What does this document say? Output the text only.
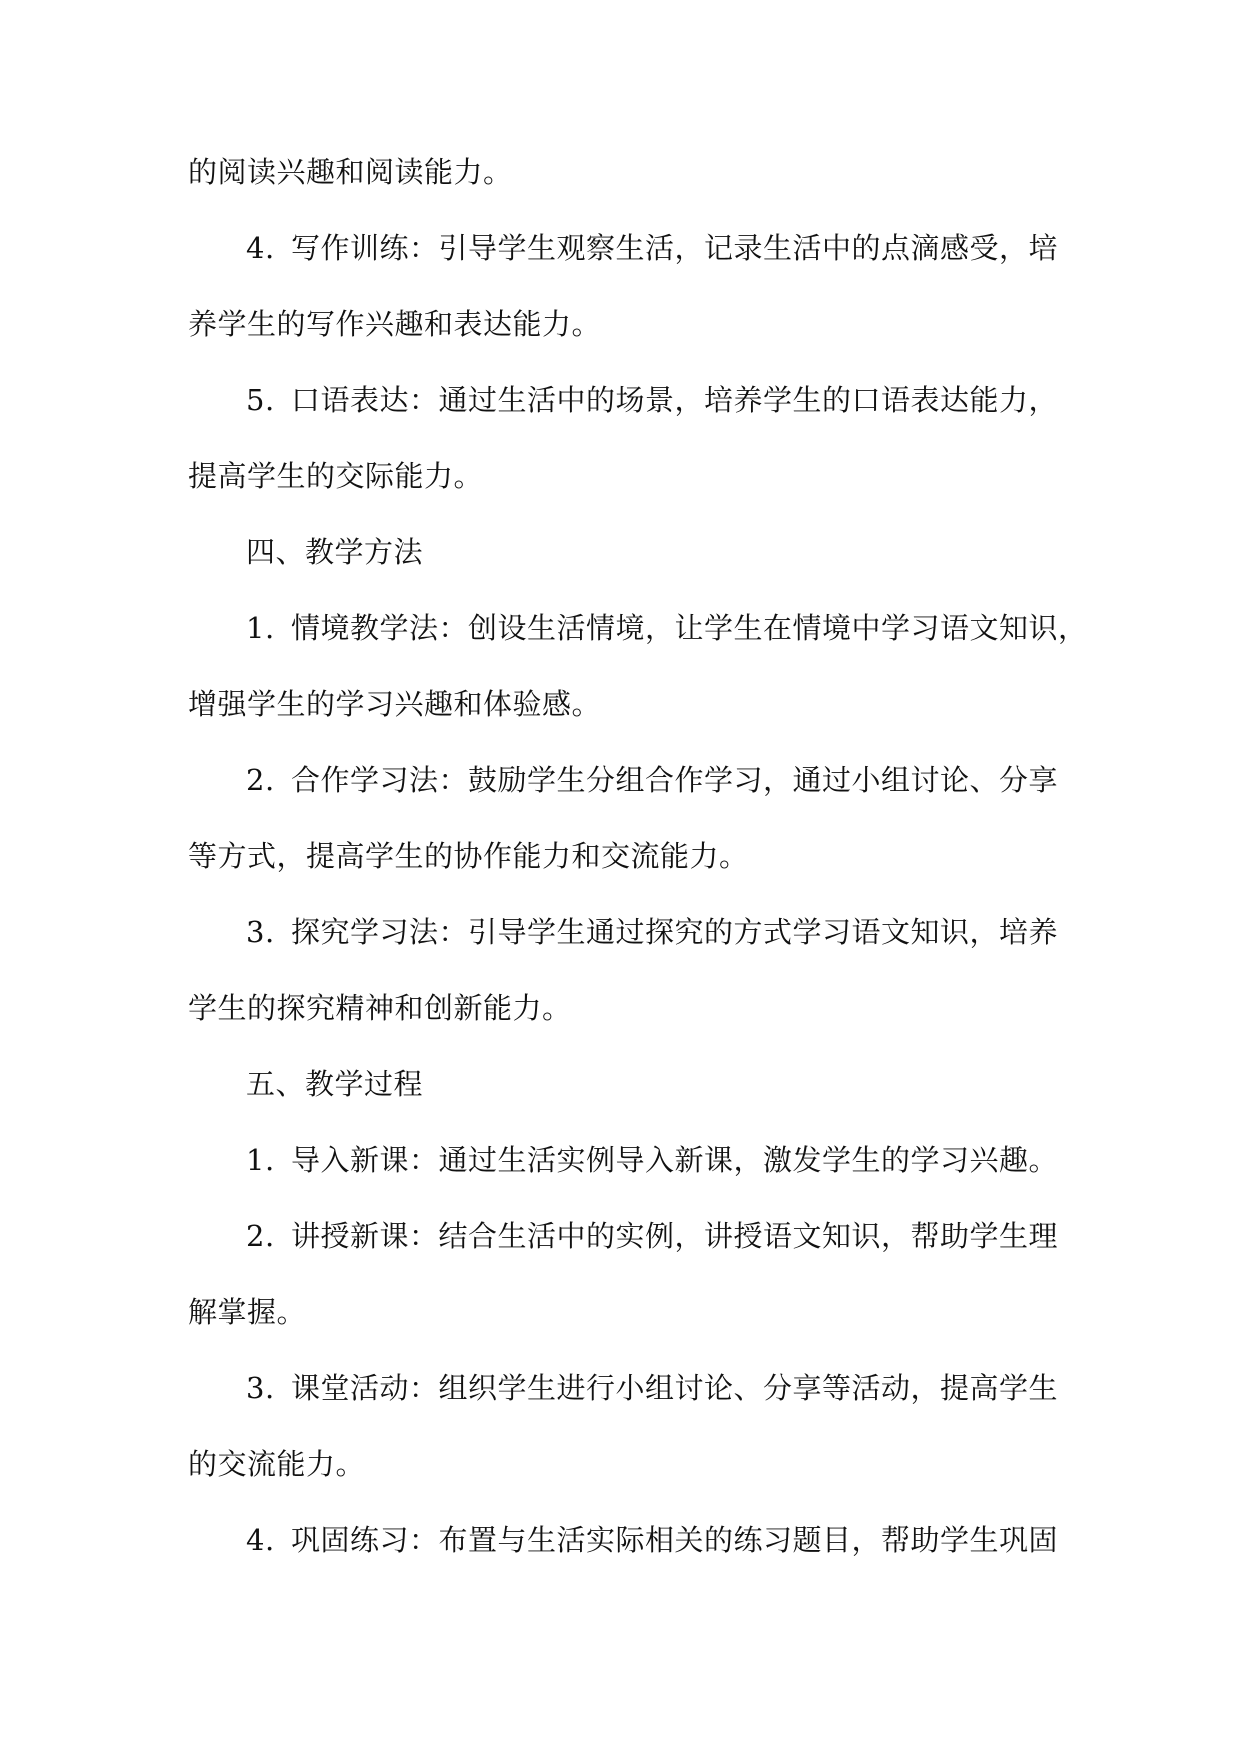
的阅读兴趣和阅读能力。
4. 写作训练：引导学生观察生活，记录生活中的点滴感受，培
养学生的写作兴趣和表达能力。
5. 口语表达：通过生活中的场景，培养学生的口语表达能力，
提高学生的交际能力。
四、教学方法
1. 情境教学法：创设生活情境，让学生在情境中学习语文知识，
增强学生的学习兴趣和体验感。
2. 合作学习法：鼓励学生分组合作学习，通过小组讨论、分享
等方式，提高学生的协作能力和交流能力。
3. 探究学习法：引导学生通过探究的方式学习语文知识，培养
学生的探究精神和创新能力。
五、教学过程
1. 导入新课：通过生活实例导入新课，激发学生的学习兴趣。
2. 讲授新课：结合生活中的实例，讲授语文知识，帮助学生理
解掌握。
3. 课堂活动：组织学生进行小组讨论、分享等活动，提高学生
的交流能力。
4. 巩固练习：布置与生活实际相关的练习题目，帮助学生巩固
